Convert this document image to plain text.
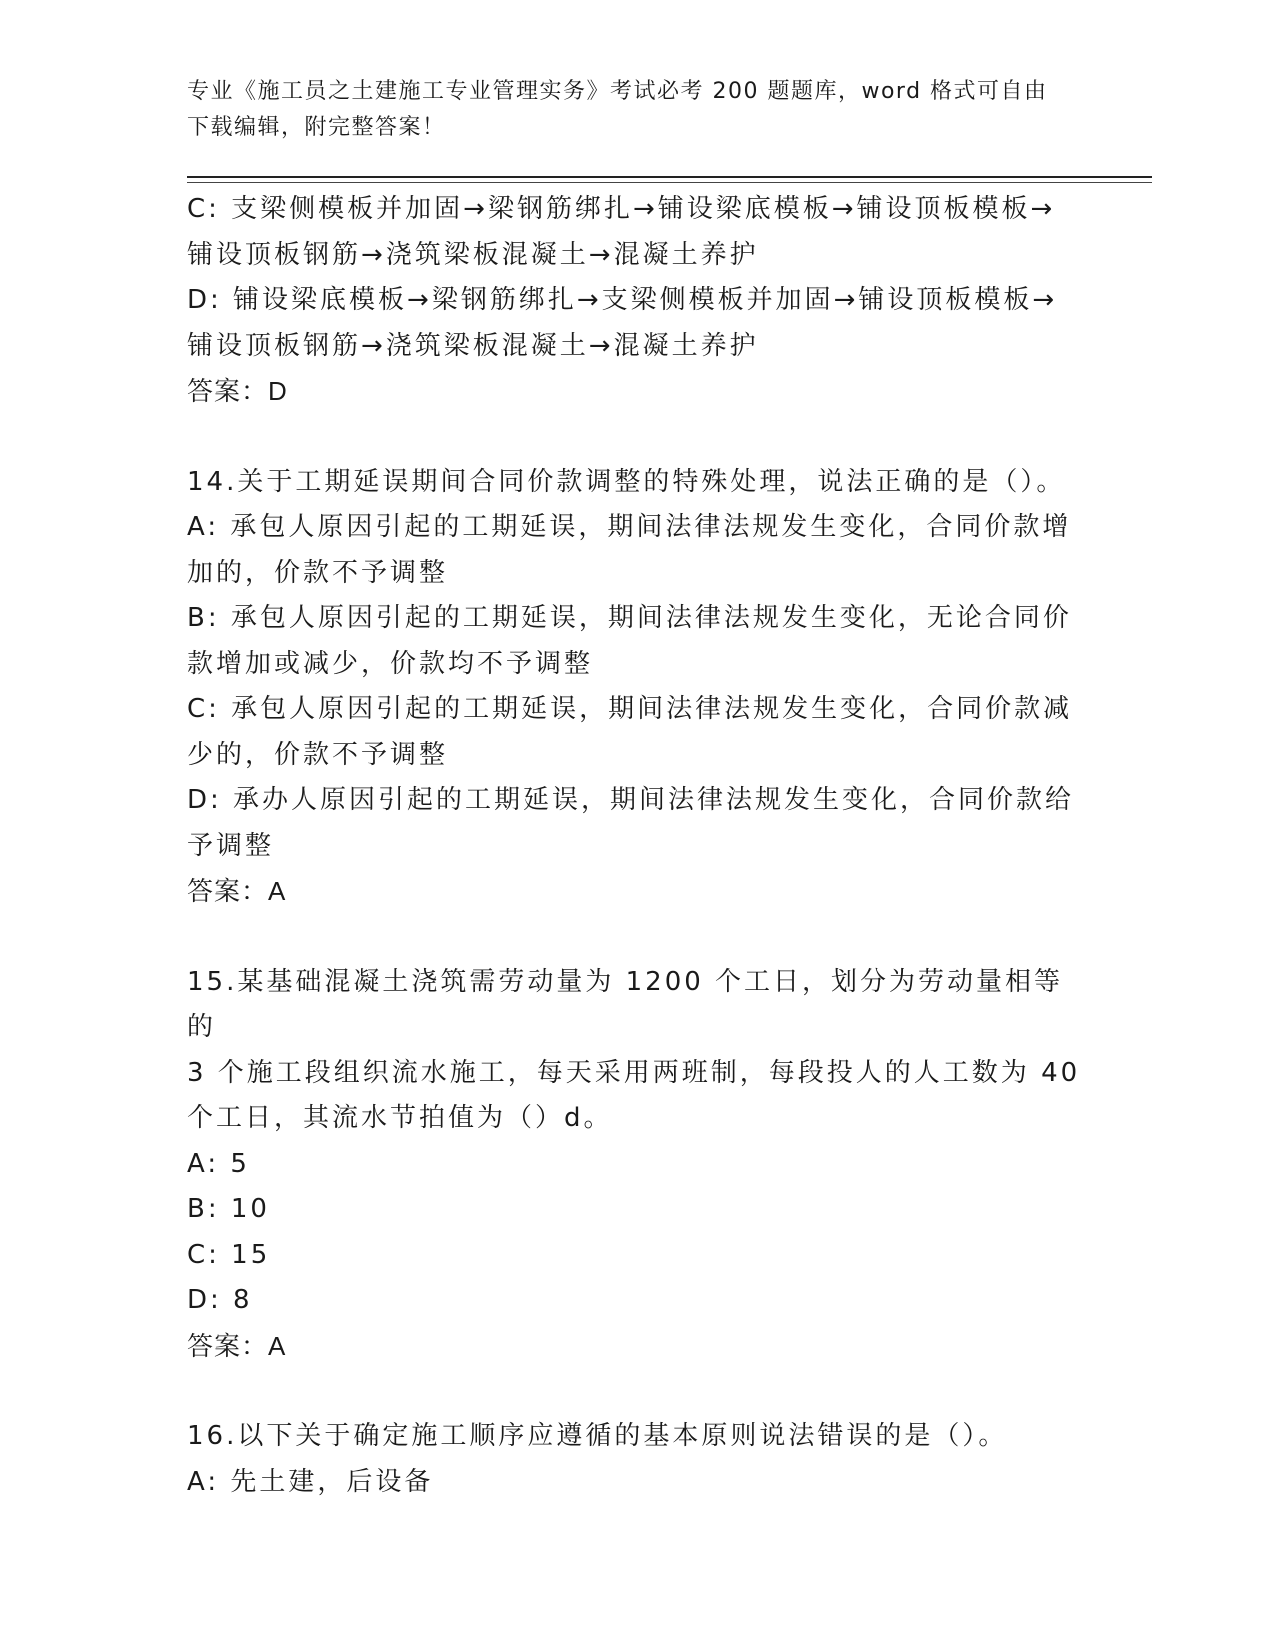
专业《施工员之土建施工专业管理实务》考试必考 200 题题库，word 格式可自由
下载编辑，附完整答案！
C: 支梁侧模板并加固→梁钢筋绑扎→铺设梁底模板→铺设顶板模板→
铺设顶板钢筋→浇筑梁板混凝土→混凝土养护
D: 铺设梁底模板→梁钢筋绑扎→支梁侧模板并加固→铺设顶板模板→
铺设顶板钢筋→浇筑梁板混凝土→混凝土养护
答案：D
14.关于工期延误期间合同价款调整的特殊处理，说法正确的是（）。
A: 承包人原因引起的工期延误，期间法律法规发生变化，合同价款增
加的，价款不予调整
B: 承包人原因引起的工期延误，期间法律法规发生变化，无论合同价
款增加或减少，价款均不予调整
C: 承包人原因引起的工期延误，期间法律法规发生变化，合同价款减
少的，价款不予调整
D: 承办人原因引起的工期延误，期间法律法规发生变化，合同价款给
予调整
答案：A
15.某基础混凝土浇筑需劳动量为 1200 个工日，划分为劳动量相等的
3 个施工段组织流水施工，每天采用两班制，每段投人的人工数为 40
个工日，其流水节拍值为（）d。
A: 5
B: 10
C: 15
D: 8
答案：A
16.以下关于确定施工顺序应遵循的基本原则说法错误的是（）。
A: 先土建，后设备
